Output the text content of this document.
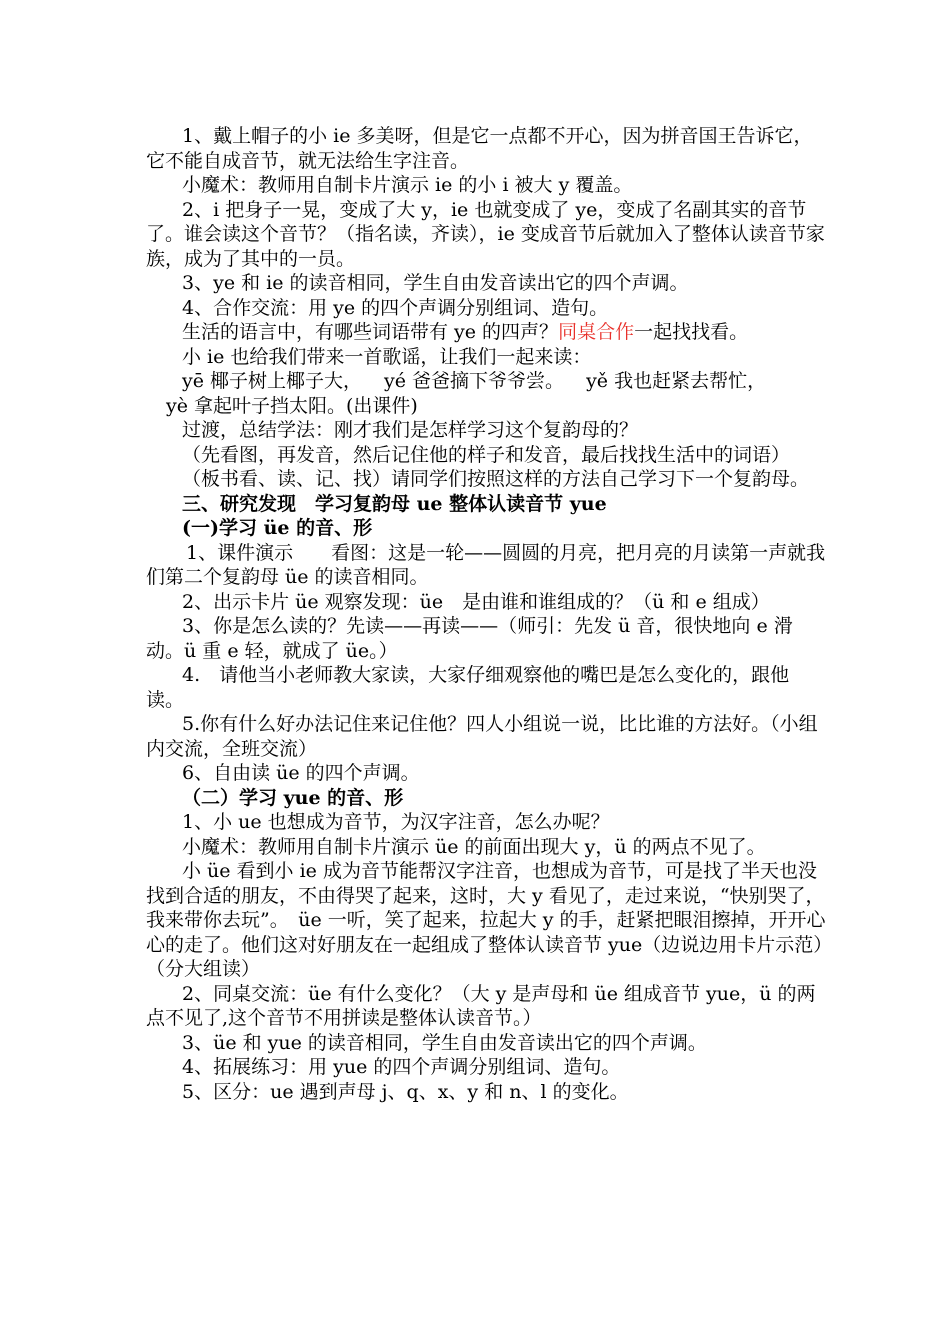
1、戴上帽子的小 ie 多美呀，但是它一点都不开心，因为拼音国王告诉它，它不能自成音节，就无法给生字注音。

小魔术：教师用自制卡片演示 ie 的小 i 被大 y 覆盖。

2、i 把身子一晃，变成了大 y，ie 也就变成了 ye，变成了名副其实的音节了。谁会读这个音节？（指名读，齐读），ie 变成音节后就加入了整体认读音节家族，成为了其中的一员。

3、ye 和 ie 的读音相同，学生自由发音读出它的四个声调。

4、合作交流：用 ye 的四个声调分别组词、造句。

生活的语言中，有哪些词语带有 ye 的四声？同桌合作一起找找看。

小 ie 也给我们带来一首歌谣，让我们一起来读：

yē 椰子树上椰子大， yé 爸爸摘下爷爷尝。 yě 我也赶紧去帮忙，

yè 拿起叶子挡太阳。(出课件)

过渡，总结学法：刚才我们是怎样学习这个复韵母的？

（先看图，再发音，然后记住他的样子和发音，最后找找生活中的词语）

（板书看、读、记、找）请同学们按照这样的方法自己学习下一个复韵母。

三、研究发现　学习复韵母 ue 整体认读音节 yue

(一)学习 üe 的音、形

1、课件演示　　看图：这是一轮——圆圆的月亮，把月亮的月读第一声就我们第二个复韵母 üe 的读音相同。

2、出示卡片 üe 观察发现：üe　是由谁和谁组成的？（ü 和 e 组成）

3、你是怎么读的？先读——再读——（师引：先发 ü 音，很快地向 e 滑动。ü 重 e 轻，就成了 üe。）

4.　请他当小老师教大家读，大家仔细观察他的嘴巴是怎么变化的，跟他读。

5.你有什么好办法记住来记住他？四人小组说一说，比比谁的方法好。（小组内交流，全班交流）

6、自由读 üe 的四个声调。

（二）学习 yue 的音、形

1、小 ue 也想成为音节，为汉字注音，怎么办呢？

小魔术：教师用自制卡片演示 üe 的前面出现大 y，ü 的两点不见了。

小 üe 看到小 ie 成为音节能帮汉字注音，也想成为音节，可是找了半天也没找到合适的朋友，不由得哭了起来，这时，大 y 看见了，走过来说，“快别哭了，我来带你去玩”。　üe 一听，笑了起来，拉起大 y 的手，赶紧把眼泪擦掉，开开心心的走了。他们这对好朋友在一起组成了整体认读音节 yue（边说边用卡片示范）（分大组读）

2、同桌交流：üe 有什么变化？（大 y 是声母和 üe 组成音节 yue，ü 的两点不见了,这个音节不用拼读是整体认读音节。）

3、üe 和 yue 的读音相同，学生自由发音读出它的四个声调。

4、拓展练习：用 yue 的四个声调分别组词、造句。

5、区分：ue 遇到声母 j、q、x、y 和 n、l 的变化。
